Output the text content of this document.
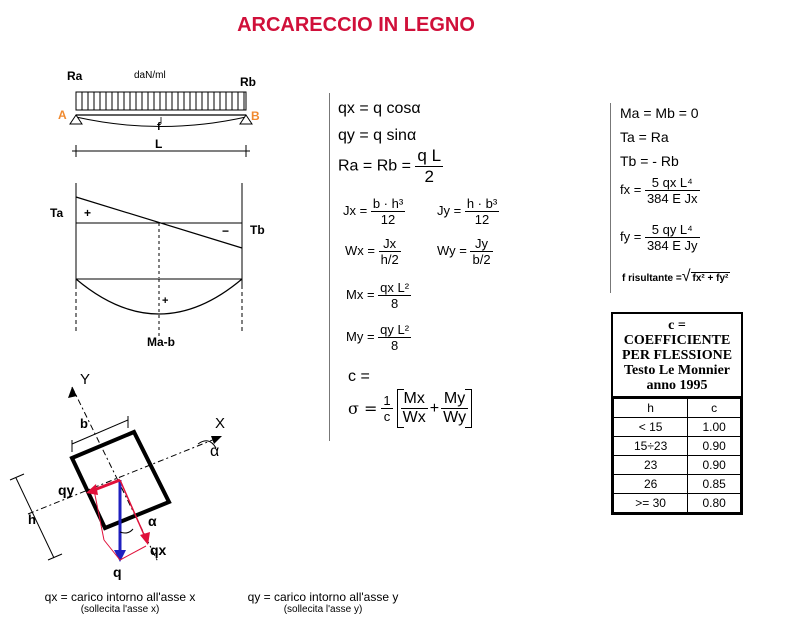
ARCARECCIO IN LEGNO
Ra	daN/ml	Rb
A	B
f
L
Ta
Tb
+
−
+
Ma-b
Y
X
α
b
h
qy
α
qx
q
qx = carico intorno all'asse x
(sollecita l'asse x)
qy = carico intorno all'asse y
(sollecita l'asse y)
qx = q cosα
qy = q sinα
$Ra = Rb = \frac{\text{q L}}{2}$
$Jx = \frac{\text{b · h³}}{12}$ $Jy = \frac{\text{h · b³}}{12}$
$Wx = \frac{Jx}{h/2}$	$Wy = \frac{Jy}{b/2}$
$Mx = \frac{\text{qx L²}}{8}$
$My = \frac{\text{qy L²}}{8}$
c =
$\sigma = \frac{1}{c} \frac{Mx}{Wx} + \frac{My}{Wy}$
Ma = Mb = 0
Ta = Ra
Tb = - Rb
fx = $\frac{\text{5 qx L⁴}}{\text{384 E Jx}}$
fy = $\frac{\text{5 qy L⁴}}{\text{384 E Jy}}$
f risultante =√ fx² + fy²
c = COEFFICIENTE
PER FLESSIONE
Testo Le Monnier
anno 1995
h	c
< 15	1.00
15÷23	0.90
23	0.90
26	0.85
>= 30	0.80
